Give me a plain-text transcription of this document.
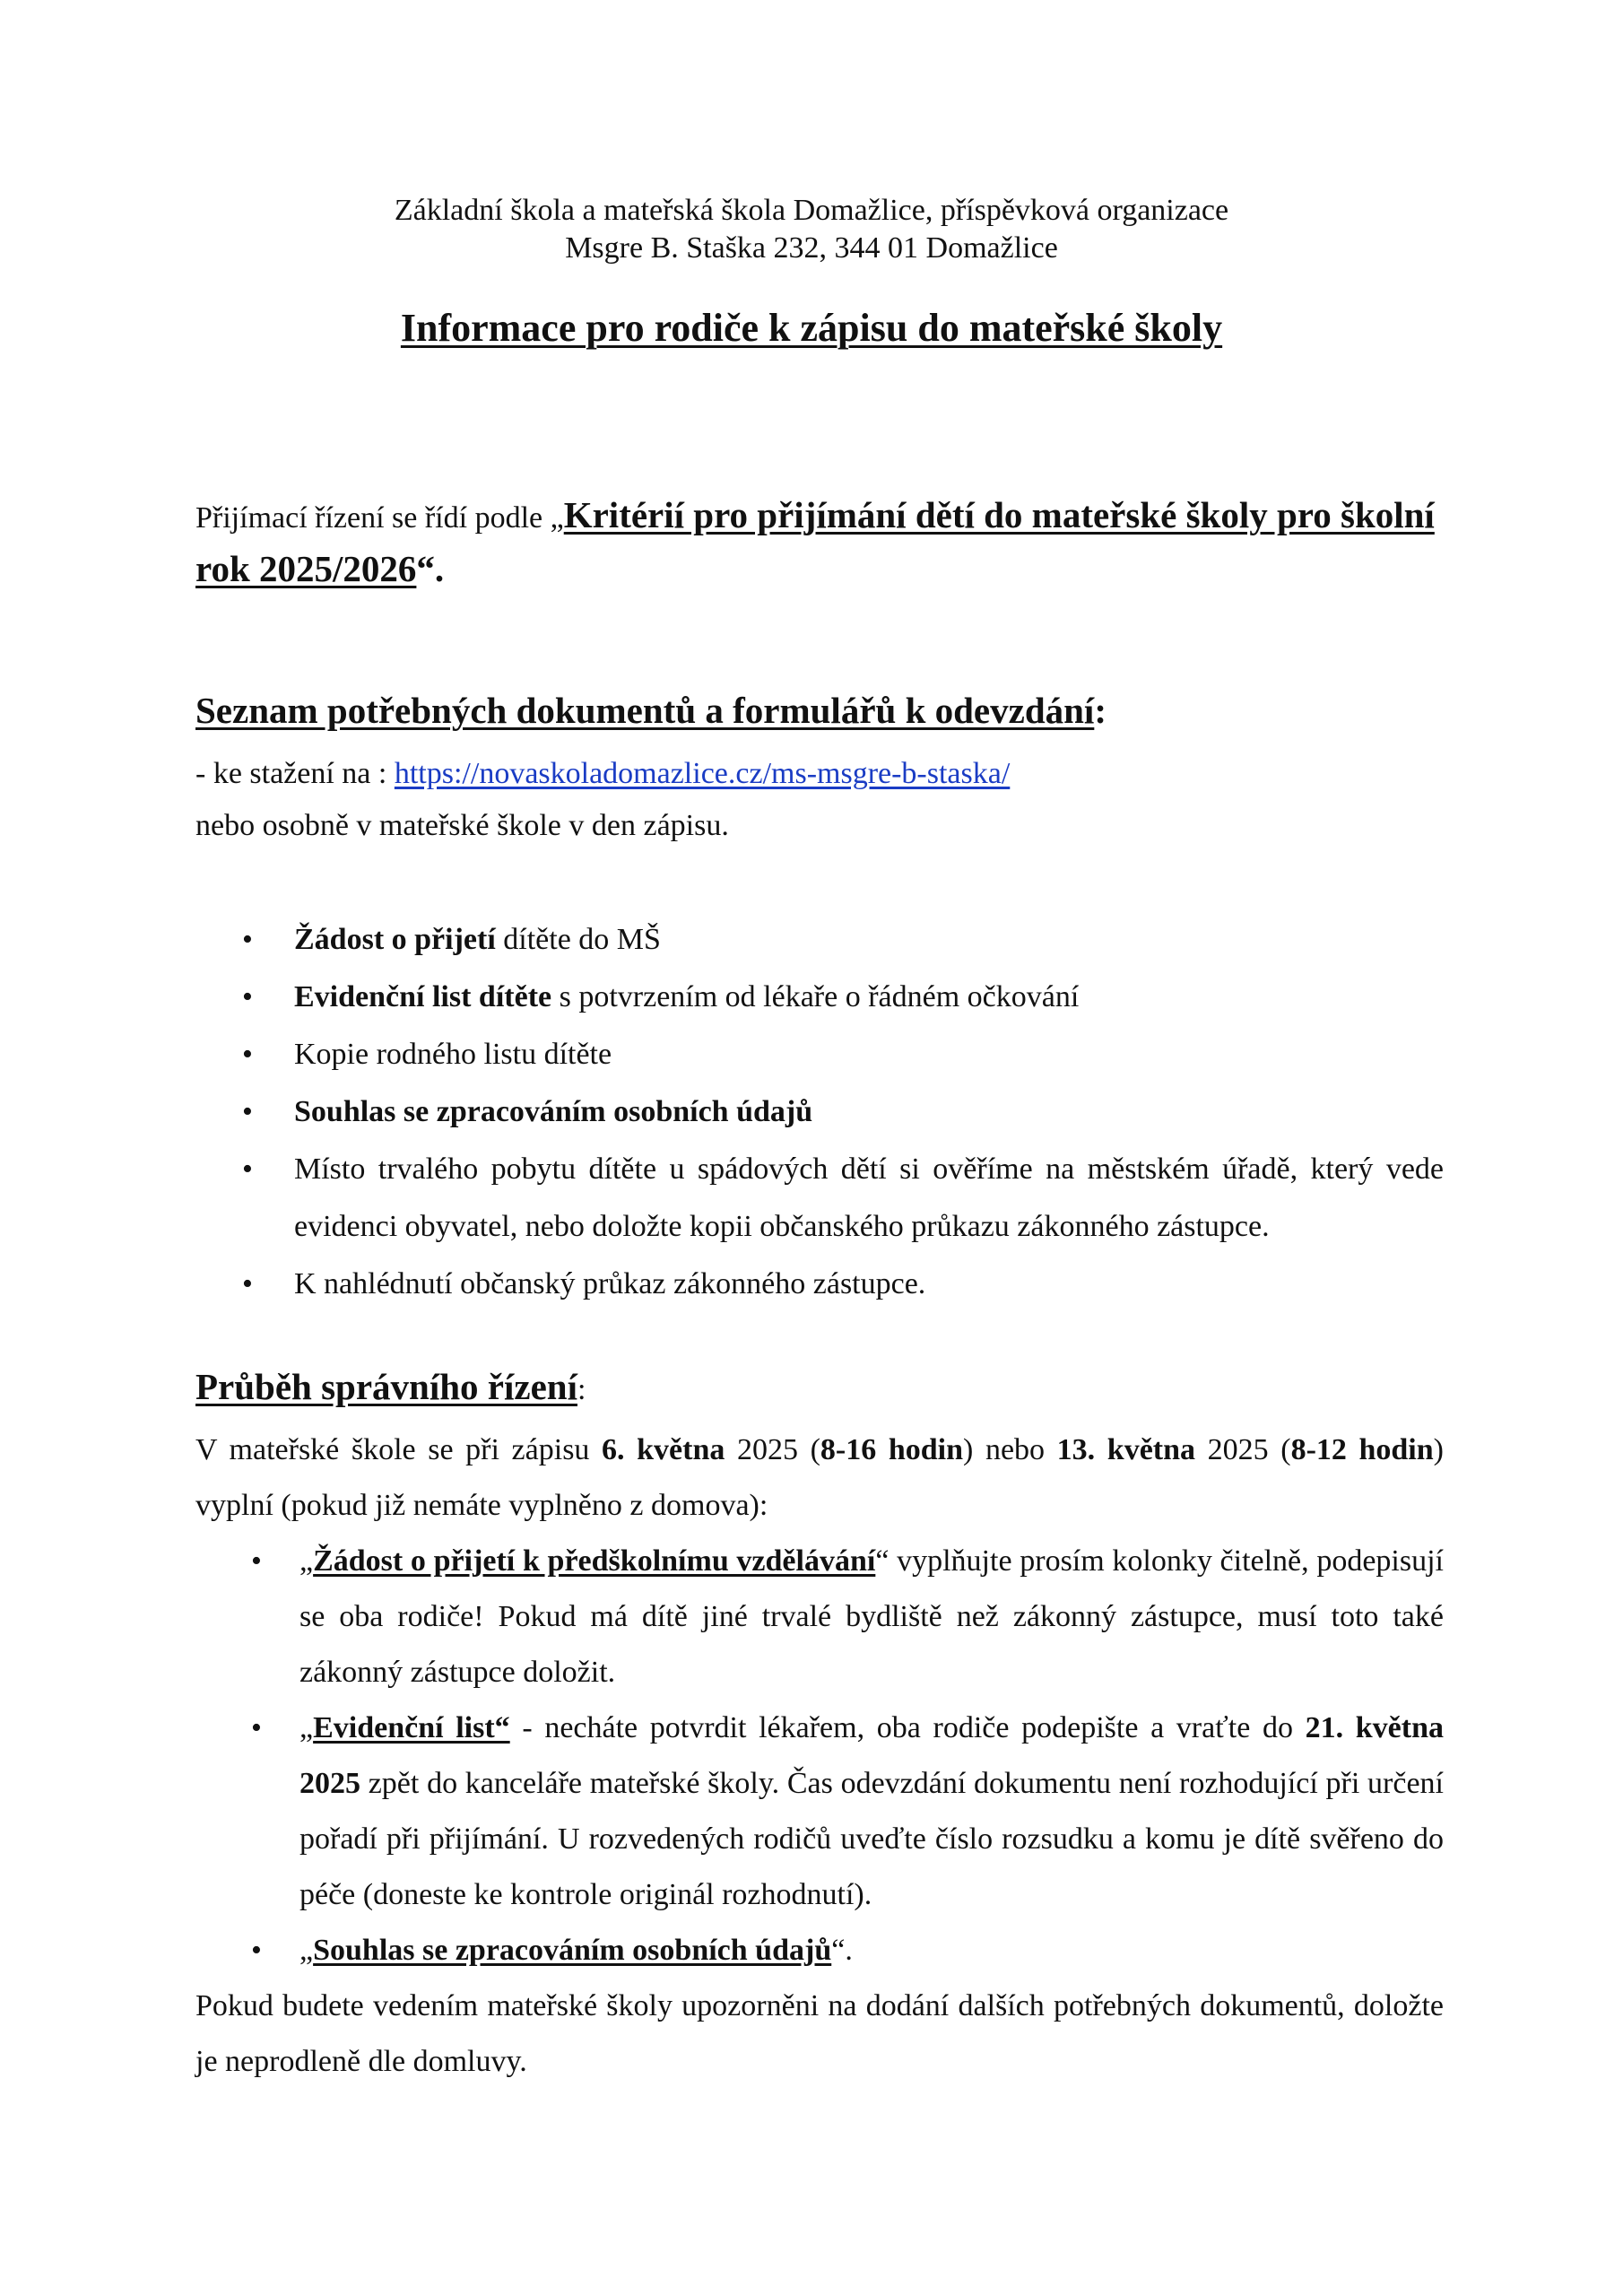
Základní škola a mateřská škola Domažlice, příspěvková organizace
Msgre B. Staška 232, 344 01 Domažlice
Informace pro rodiče k zápisu do mateřské školy
Přijímací řízení se řídí podle „Kritérií pro přijímání dětí do mateřské školy pro školní rok 2025/2026“.
Seznam potřebných dokumentů a formulářů k odevzdání:
- ke stažení na : https://novaskoladomazlice.cz/ms-msgre-b-staska/
nebo osobně v mateřské škole v den zápisu.
• Žádost o přijetí dítěte do MŠ
• Evidenční list dítěte s potvrzením od lékaře o řádném očkování
• Kopie rodného listu dítěte
• Souhlas se zpracováním osobních údajů
• Místo trvalého pobytu dítěte u spádových dětí si ověříme na městském úřadě, který vede evidenci obyvatel, nebo doložte kopii občanského průkazu zákonného zástupce.
• K nahlédnutí občanský průkaz zákonného zástupce.
Průběh správního řízení:
V mateřské škole se při zápisu 6. května 2025 (8-16 hodin) nebo 13. května 2025 (8-12 hodin) vyplní (pokud již nemáte vyplněno z domova):
• „Žádost o přijetí k předškolnímu vzdělávání“ vyplňujte prosím kolonky čitelně, podepisují se oba rodiče! Pokud má dítě jiné trvalé bydliště než zákonný zástupce, musí toto také zákonný zástupce doložit.
• „Evidenční list“ - necháte potvrdit lékařem, oba rodiče podepište a vraťte do 21. května 2025 zpět do kanceláře mateřské školy. Čas odevzdání dokumentu není rozhodující při určení pořadí při přijímání. U rozvedených rodičů uveďte číslo rozsudku a komu je dítě svěřeno do péče (doneste ke kontrole originál rozhodnutí).
• „Souhlas se zpracováním osobních údajů“.
Pokud budete vedením mateřské školy upozorněni na dodání dalších potřebných dokumentů, doložte je neprodleně dle domluvy.
